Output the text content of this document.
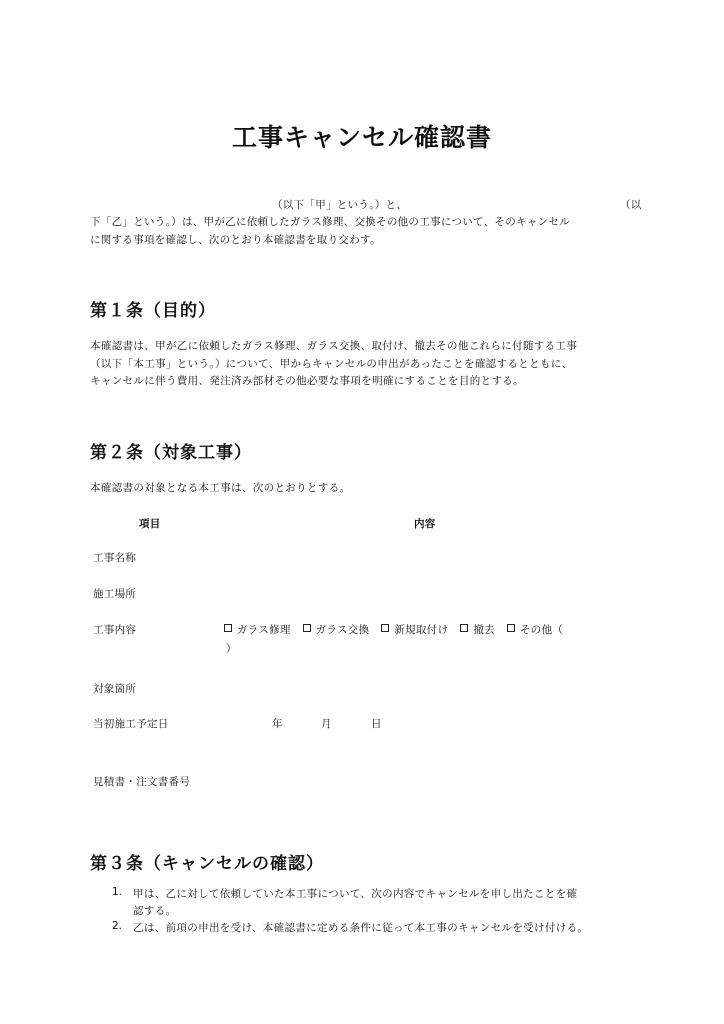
工事キャンセル確認書
（以下「甲」という。）と、	（以
下「乙」という。）は、甲が乙に依頼したガラス修理、交換その他の工事について、そのキャンセル
に関する事項を確認し、次のとおり本確認書を取り交わす。
第１条（目的）
本確認書は、甲が乙に依頼したガラス修理、ガラス交換、取付け、撤去その他これらに付随する工事
（以下「本工事」という。）について、甲からキャンセルの申出があったことを確認するとともに、
キャンセルに伴う費用、発注済み部材その他必要な事項を明確にすることを目的とする。
第２条（対象工事）
本確認書の対象となる本工事は、次のとおりとする。
項目	内容
工事名称
施工場所
工事内容	ガラス修理 ガラス交換 新規取付け 撤去 その他（
）
対象箇所
当初施工予定日	年	月	日
見積書・注文書番号
第３条（キャンセルの確認）
1. 甲は、乙に対して依頼していた本工事について、次の内容でキャンセルを申し出たことを確
認する。
2. 乙は、前項の申出を受け、本確認書に定める条件に従って本工事のキャンセルを受け付ける。
